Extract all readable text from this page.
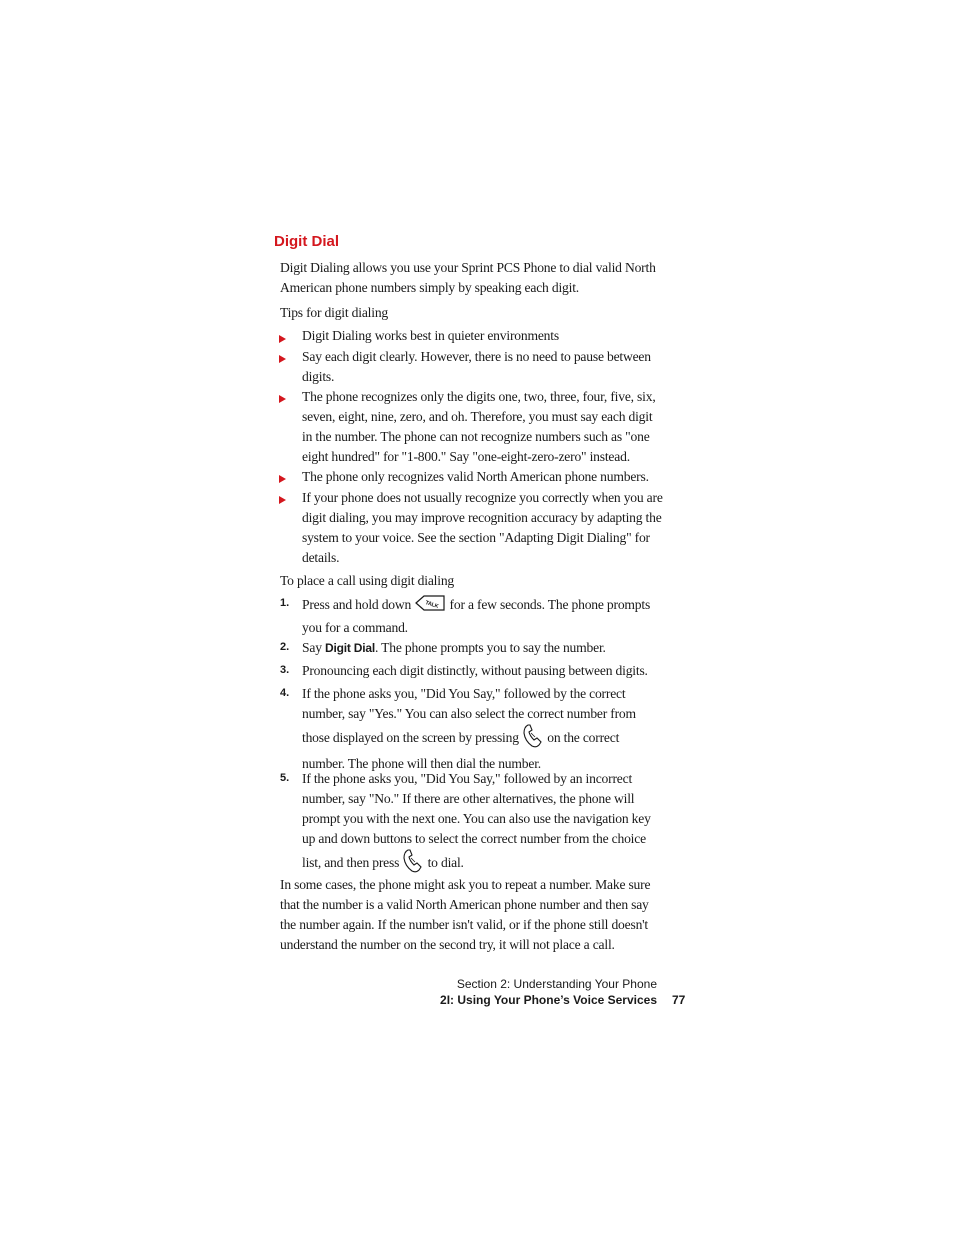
Digit Dial

Digit Dialing allows you use your Sprint PCS Phone to dial valid North American phone numbers simply by speaking each digit.

Tips for digit dialing

Digit Dialing works best in quieter environments

Say each digit clearly. However, there is no need to pause between digits.

The phone recognizes only the digits one, two, three, four, five, six, seven, eight, nine, zero, and oh. Therefore, you must say each digit in the number. The phone can not recognize numbers such as "one eight hundred" for "1-800." Say "one-eight-zero-zero" instead.

The phone only recognizes valid North American phone numbers.

If your phone does not usually recognize you correctly when you are digit dialing, you may improve recognition accuracy by adapting the system to your voice. See the section "Adapting Digit Dialing" for details.

To place a call using digit dialing

1. Press and hold down TALK for a few seconds. The phone prompts you for a command.

2. Say Digit Dial. The phone prompts you to say the number.

3. Pronouncing each digit distinctly, without pausing between digits.

4. If the phone asks you, "Did You Say," followed by the correct number, say "Yes." You can also select the correct number from those displayed on the screen by pressing on the correct number. The phone will then dial the number.

5. If the phone asks you, "Did You Say," followed by an incorrect number, say "No." If there are other alternatives, the phone will prompt you with the next one. You can also use the navigation key up and down buttons to select the correct number from the choice list, and then press to dial.

In some cases, the phone might ask you to repeat a number. Make sure that the number is a valid North American phone number and then say the number again. If the number isn't valid, or if the phone still doesn't understand the number on the second try, it will not place a call.

Section 2: Understanding Your Phone
2I: Using Your Phone’s Voice Services 77
